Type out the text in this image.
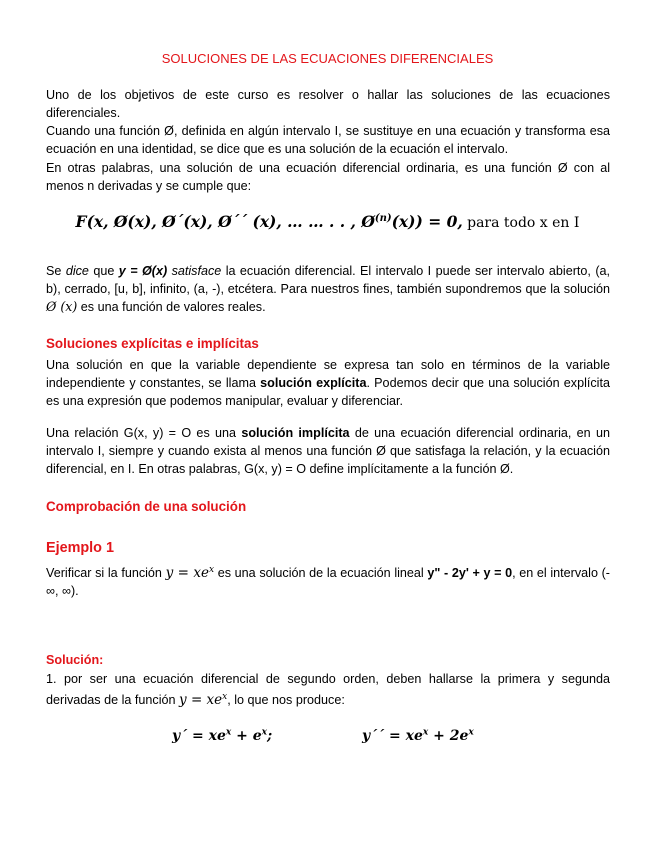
SOLUCIONES DE LAS ECUACIONES DIFERENCIALES

Uno de los objetivos de este curso es resolver o hallar las soluciones de las ecuaciones diferenciales.

Cuando una función Ø, definida en algún intervalo I, se sustituye en una ecuación y transforma esa ecuación en una identidad, se dice que es una solución de la ecuación el intervalo.

En otras palabras, una solución de una ecuación diferencial ordinaria, es una función Ø con al menos n derivadas y se cumple que:

F(x, Ø(x), Ø´(x), Ø´´ (x), … … . . , $Ø^{(n)}(x)) = 0$, para todo x en I

Se dice que y = Ø(x) satisface la ecuación diferencial. El intervalo I puede ser intervalo abierto, (a, b), cerrado, [u, b], infinito, (a, -), etcétera. Para nuestros fines, también supondremos que la solución Ø (x) es una función de valores reales.

Soluciones explícitas e implícitas

Una solución en que la variable dependiente se expresa tan solo en términos de la variable independiente y constantes, se llama solución explícita. Podemos decir que una solución explícita es una expresión que podemos manipular, evaluar y diferenciar.

Una relación G(x, y) = O es una solución implícita de una ecuación diferencial ordinaria, en un intervalo I, siempre y cuando exista al menos una función Ø que satisfaga la relación, y la ecuación diferencial, en I. En otras palabras, G(x, y) = O define implícitamente a la función Ø.

Comprobación de una solución
Ejemplo 1

Verificar si la función $y = xe^x$ es una solución de la ecuación lineal y" - 2y' + y = 0, en el intervalo (-∞, ∞).

Solución:

1. por ser una ecuación diferencial de segundo orden, deben hallarse la primera y segunda derivadas de la función $y = xe^x$, lo que nos produce:

y´ = $xe^x + e^x$;	y´´ = $xe^x + 2e^x$
